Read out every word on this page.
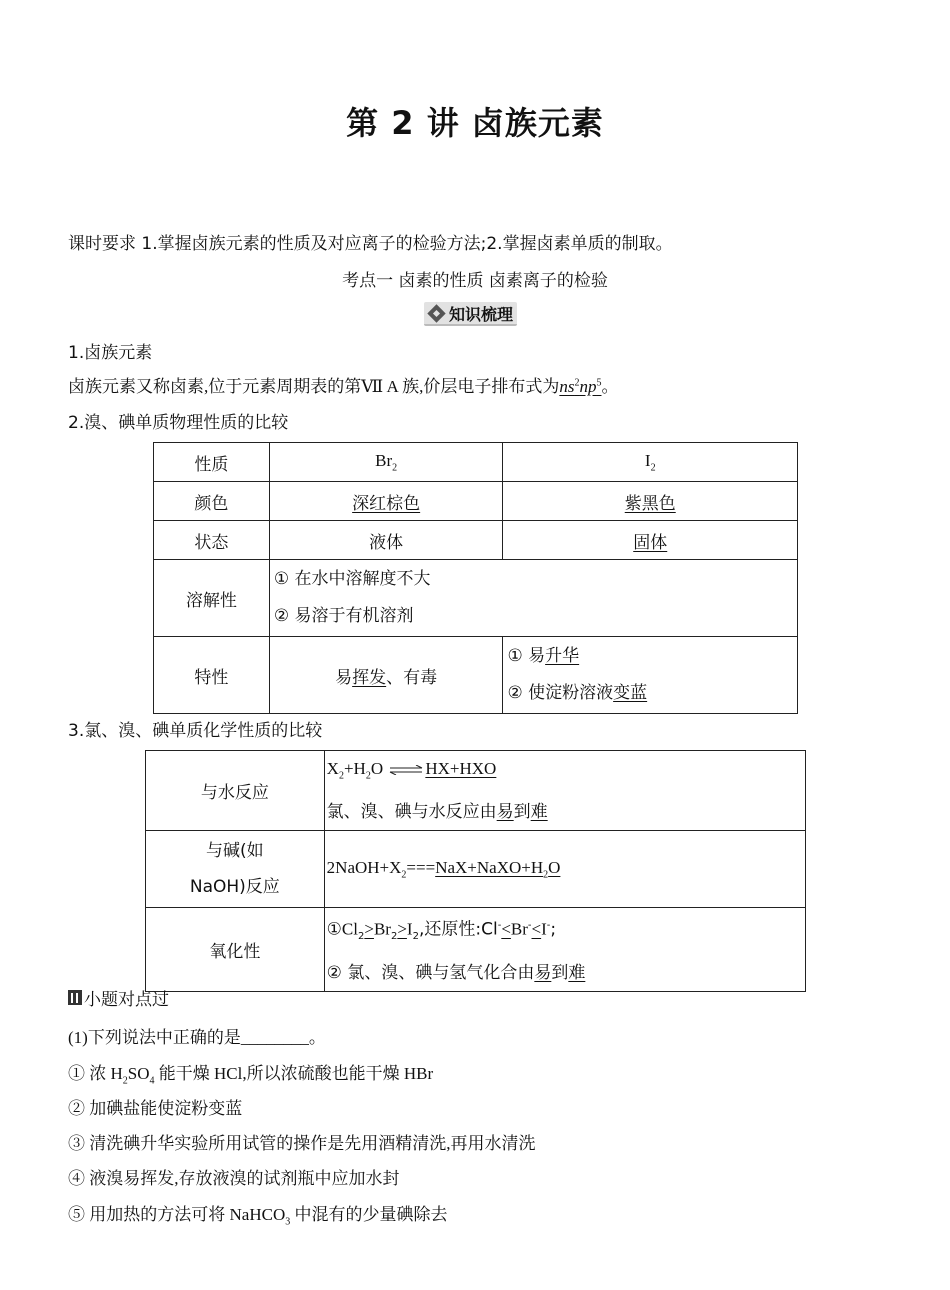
第 2 讲 卤族元素
课时要求 1.掌握卤族元素的性质及对应离子的检验方法;2.掌握卤素单质的制取。
考点一 卤素的性质 卤素离子的检验
知识梳理
1.卤族元素
卤族元素又称卤素,位于元素周期表的第Ⅶ A 族,价层电子排布式为$ns^2np^5$。
2.溴、碘单质物理性质的比较
性质	$Br_2$	$I_2$
颜色	深红棕色	紫黑色
状态	液体	固体
溶解性	① 在水中溶解度不大
② 易溶于有机溶剂	

特性	易挥发、有毒	① 易升华
② 使淀粉溶液变蓝
3.氯、溴、碘单质化学性质的比较
与水反应	$X_2+H_2O$ ⇌HX+HXO
氯、溴、碘与水反应由易到难

与碱(如
NaOH)反应	$2NaOH+X_2===NaX+NaXO+H_2O$
氧化性	$①Cl_2>Br_2>I_2$,还原性:Cl-<Br-<I-;
② 氯、溴、碘与氢气化合由易到难
小题对点过
(1)下列说法中正确的是________。
① 浓 $H_2SO_4$ 能干燥 HCl,所以浓硫酸也能干燥 HBr
② 加碘盐能使淀粉变蓝
③ 清洗碘升华实验所用试管的操作是先用酒精清洗,再用水清洗
④ 液溴易挥发,存放液溴的试剂瓶中应加水封
⑤ 用加热的方法可将 NaHCO$_3$ 中混有的少量碘除去
